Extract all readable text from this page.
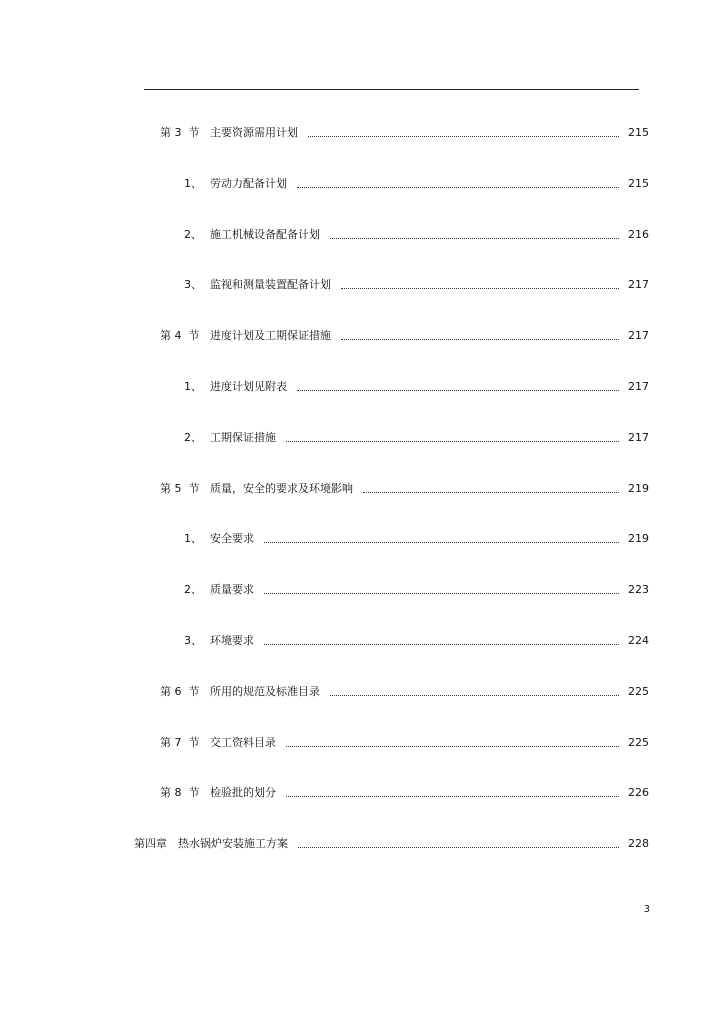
第 3  节 主要资源需用计划	215
1、 劳动力配备计划	215
2、 施工机械设备配备计划	216
3、 监视和测量装置配备计划	217
第 4  节 进度计划及工期保证措施	217
1、 进度计划见附表	217
2、 工期保证措施	217
第 5  节 质量，安全的要求及环境影响	219
1、 安全要求	219
2、 质量要求	223
3、 环境要求	224
第 6  节 所用的规范及标准目录	225
第 7  节 交工资料目录	225
第 8  节 检验批的划分	226
第四章	热水锅炉安装施工方案	228
3
